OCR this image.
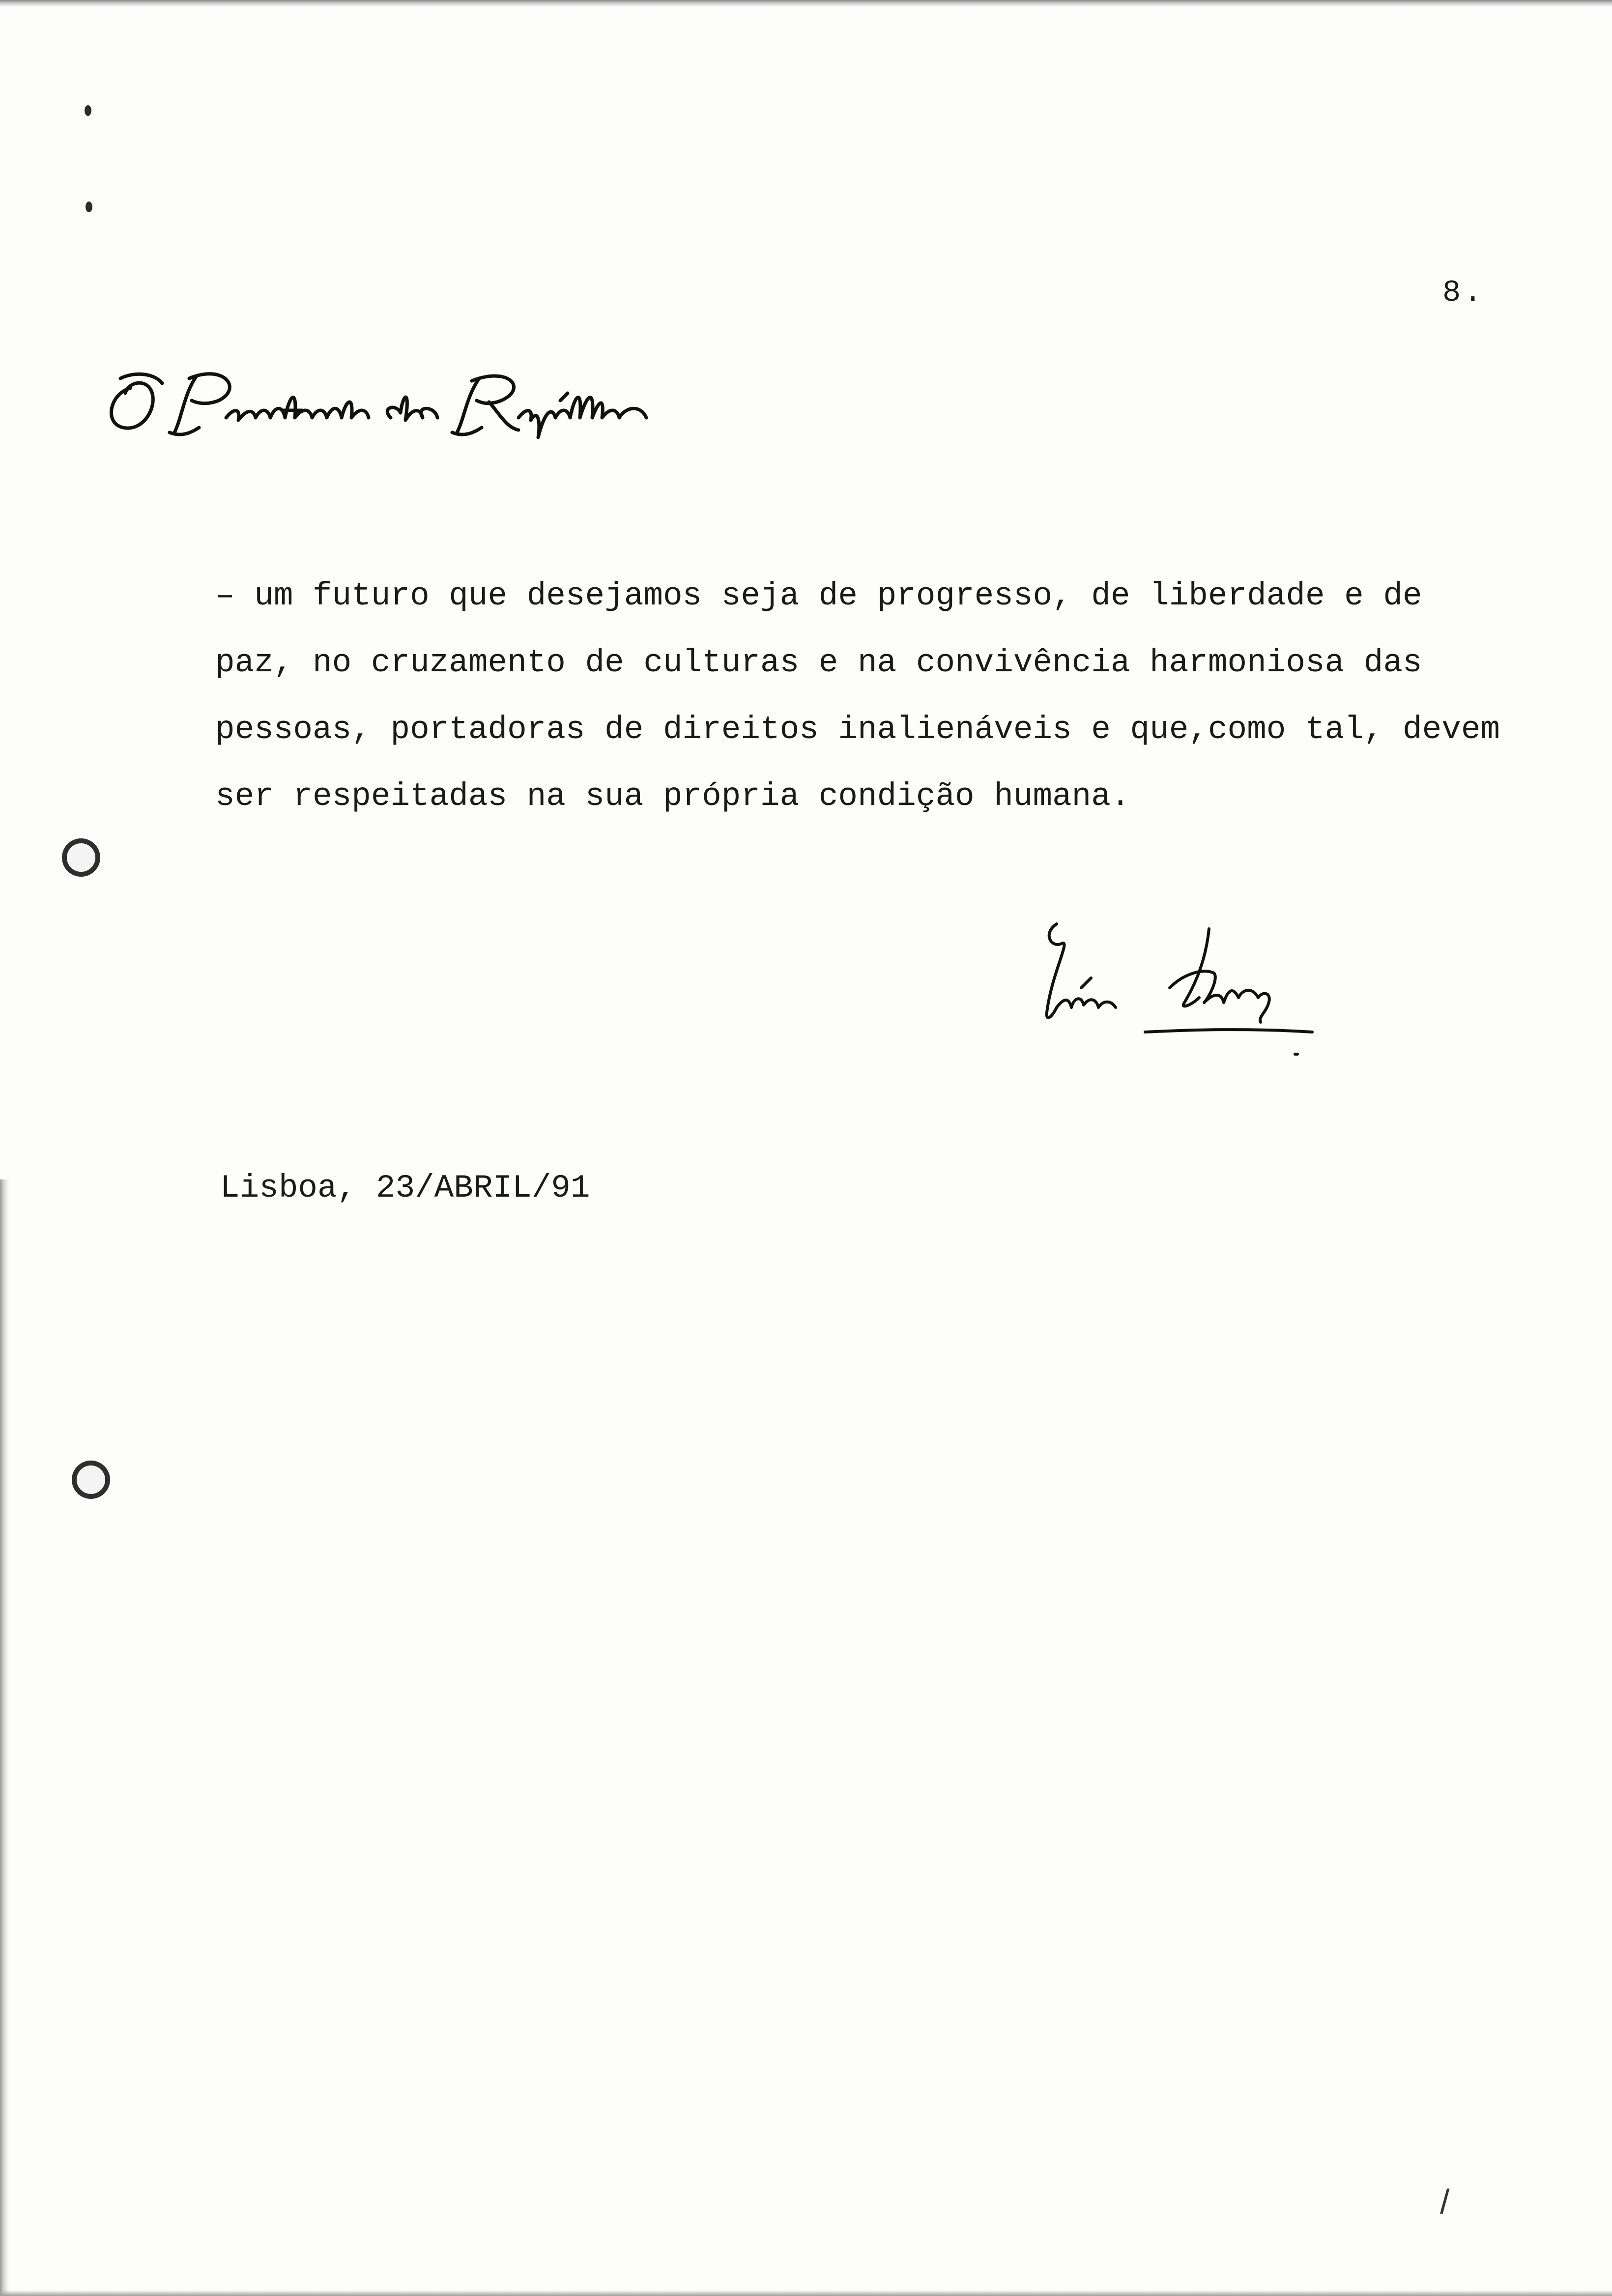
8.
– um futuro que desejamos seja de progresso, de liberdade e de
paz, no cruzamento de culturas e na convivência harmoniosa das
pessoas, portadoras de direitos inalienáveis e que,como tal, devem
ser respeitadas na sua própria condição humana.
Lisboa, 23/ABRIL/91
/
